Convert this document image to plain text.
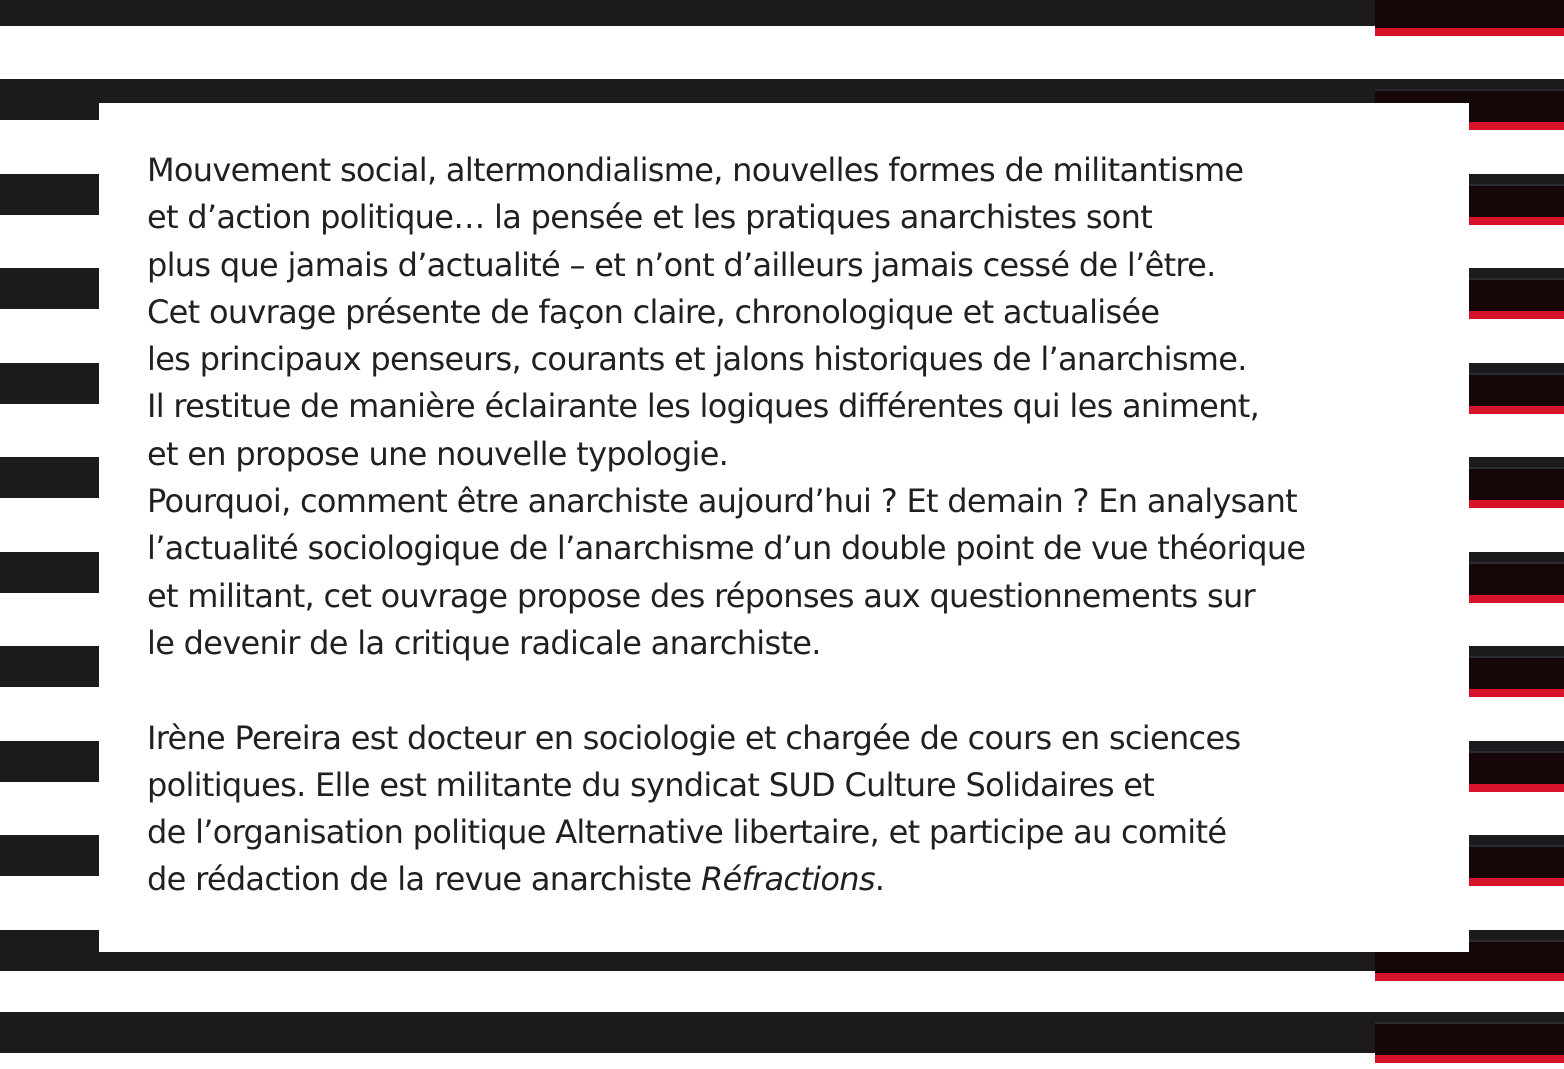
Mouvement social, altermondialisme, nouvelles formes de militantisme
et d’action politique… la pensée et les pratiques anarchistes sont
plus que jamais d’actualité – et n’ont d’ailleurs jamais cessé de l’être.
Cet ouvrage présente de façon claire, chronologique et actualisée
les principaux penseurs, courants et jalons historiques de l’anarchisme.
Il restitue de manière éclairante les logiques différentes qui les animent,
et en propose une nouvelle typologie.
Pourquoi, comment être anarchiste aujourd’hui ? Et demain ? En analysant
l’actualité sociologique de l’anarchisme d’un double point de vue théorique
et militant, cet ouvrage propose des réponses aux questionnements sur
le devenir de la critique radicale anarchiste.
Irène Pereira est docteur en sociologie et chargée de cours en sciences
politiques. Elle est militante du syndicat SUD Culture Solidaires et
de l’organisation politique Alternative libertaire, et participe au comité
de rédaction de la revue anarchiste Réfractions.
